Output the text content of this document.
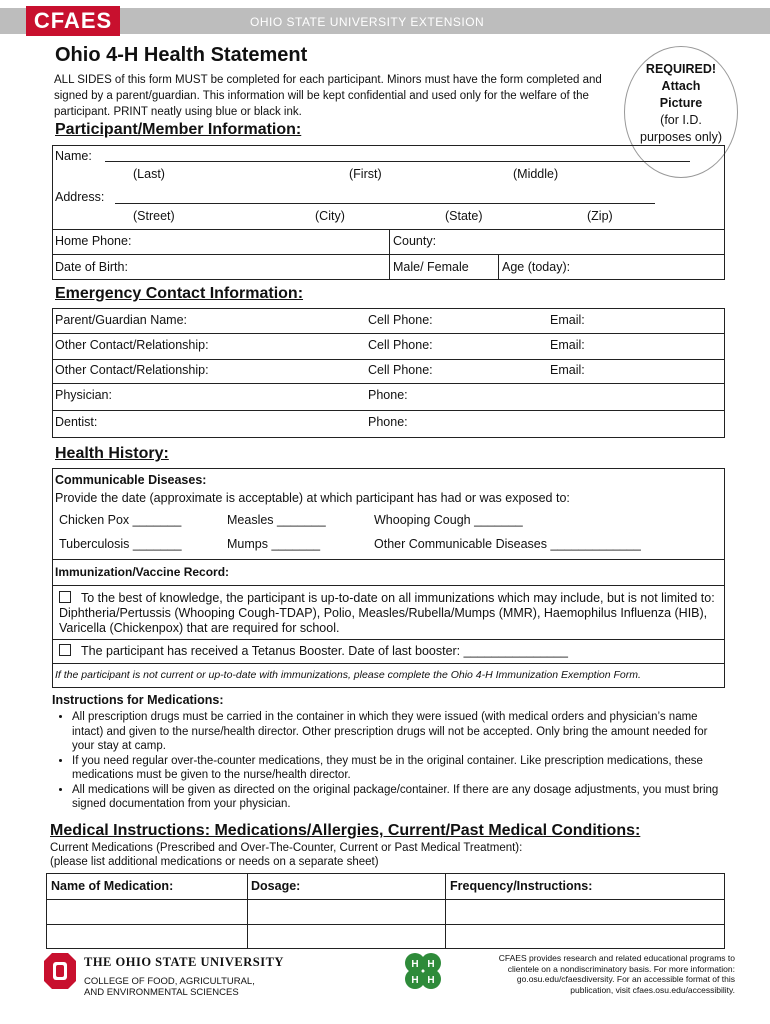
CFAES	OHIO STATE UNIVERSITY EXTENSION
Ohio 4-H Health Statement
ALL SIDES of this form MUST be completed for each participant. Minors must have the form completed and signed by a parent/guardian. This information will be kept confidential and used only for the welfare of the participant. PRINT neatly using blue or black ink.
REQUIRED!
Attach
Picture
(for I.D.
purposes only)
Participant/Member Information:
Name:
(Last)	(First)	(Middle)
Address:
(Street)	(City)	(State)	(Zip)
Home Phone:	County:
Date of Birth:	Male/ Female	Age (today):
Emergency Contact Information:
Parent/Guardian Name:	Cell Phone:	Email:
Other Contact/Relationship:	Cell Phone:	Email:
Other Contact/Relationship:	Cell Phone:	Email:
Physician:	Phone:
Dentist:	Phone:
Health History:
Communicable Diseases:
Provide the date (approximate is acceptable) at which participant has had or was exposed to:
Chicken Pox _______	Measles _______	Whooping Cough _______
Tuberculosis _______	Mumps _______	Other Communicable Diseases _____________
Immunization/Vaccine Record:
To the best of knowledge, the participant is up-to-date on all immunizations which may include, but is not limited to: Diphtheria/Pertussis (Whooping Cough-TDAP), Polio, Measles/Rubella/Mumps (MMR), Haemophilus Influenza (HIB), Varicella (Chickenpox) that are required for school.
The participant has received a Tetanus Booster. Date of last booster: _______________
If the participant is not current or up-to-date with immunizations, please complete the Ohio 4-H Immunization Exemption Form.
Instructions for Medications:
• All prescription drugs must be carried in the container in which they were issued (with medical orders and physician’s name intact) and given to the nurse/health director. Other prescription drugs will not be accepted. Only bring the amount needed for your stay at camp.
• If you need regular over-the-counter medications, they must be in the original container. Like prescription medications, these medications must be given to the nurse/health director.
• All medications will be given as directed on the original package/container. If there are any dosage adjustments, you must bring signed documentation from your physician.
Medical Instructions: Medications/Allergies, Current/Past Medical Conditions:
Current Medications (Prescribed and Over-The-Counter, Current or Past Medical Treatment):
(please list additional medications or needs on a separate sheet)
Name of Medication:	Dosage:	Frequency/Instructions:
THE OHIO STATE UNIVERSITY
COLLEGE OF FOOD, AGRICULTURAL,
AND ENVIRONMENTAL SCIENCES
H H
H H
CFAES provides research and related educational programs to clientele on a nondiscriminatory basis. For more information: go.osu.edu/cfaesdiversity. For an accessible format of this publication, visit cfaes.osu.edu/accessibility.
